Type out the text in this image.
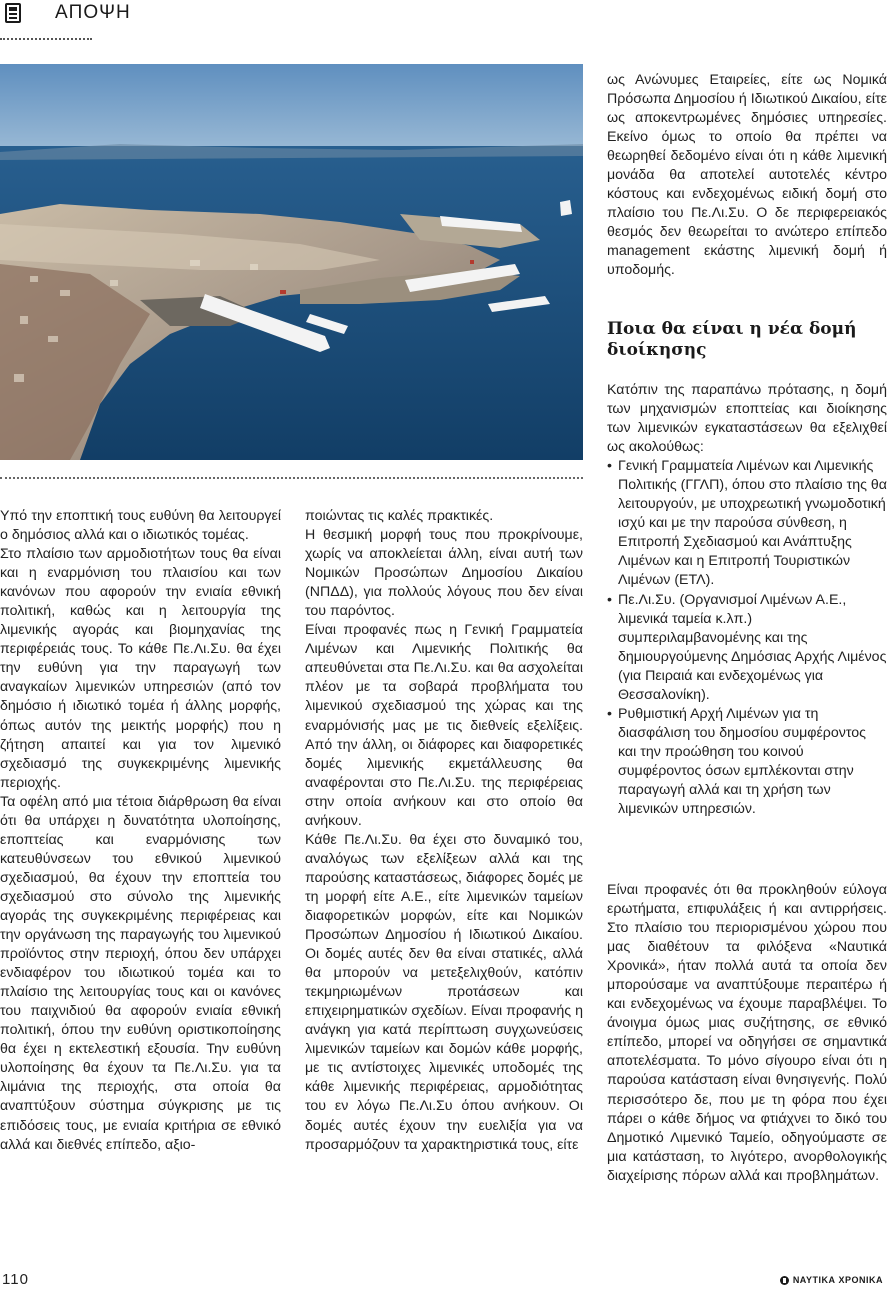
ΑΠΟΨΗ

Υπό την εποπτική τους ευθύνη θα λειτουργεί ο δημόσιος αλλά και ο ιδιωτικός τομέας.

Στο πλαίσιο των αρμοδιοτήτων τους θα είναι και η εναρμόνιση του πλαισίου και των κανόνων που αφορούν την ενιαία εθνική πολιτική, καθώς και η λειτουργία της λιμενικής αγοράς και βιομηχανίας της περιφέρειάς τους. Το κάθε Πε.Λι.Συ. θα έχει την ευθύνη για την παραγωγή των αναγκαίων λιμενικών υπηρεσιών (από τον δημόσιο ή ιδιωτικό τομέα ή άλλης μορφής, όπως αυτόν της μεικτής μορφής) που η ζήτηση απαιτεί και για τον λιμενικό σχεδιασμό της συγκεκριμένης λιμενικής περιοχής.

Τα οφέλη από μια τέτοια διάρθρωση θα είναι ότι θα υπάρχει η δυνατότητα υλοποίησης, εποπτείας και εναρμόνισης των κατευθύνσεων του εθνικού λιμενικού σχεδιασμού, θα έχουν την εποπτεία του σχεδιασμού στο σύνολο της λιμενικής αγοράς της συγκεκριμένης περιφέρειας και την οργάνωση της παραγωγής του λιμενικού προϊόντος στην περιοχή, όπου δεν υπάρχει ενδιαφέρον του ιδιωτικού τομέα και το πλαίσιο της λειτουργίας τους και οι κανόνες του παιχνιδιού θα αφορούν ενιαία εθνική πολιτική, όπου την ευθύνη οριστικοποίησης θα έχει η εκτελεστική εξουσία. Την ευθύνη υλοποίησης θα έχουν τα Πε.Λι.Συ. για τα λιμάνια της περιοχής, στα οποία θα αναπτύξουν σύστημα σύγκρισης με τις επιδόσεις τους, με ενιαία κριτήρια σε εθνικό αλλά και διεθνές επίπεδο, αξιο-

ποιώντας τις καλές πρακτικές.

Η θεσμική μορφή τους που προκρίνουμε, χωρίς να αποκλείεται άλλη, είναι αυτή των Νομικών Προσώπων Δημοσίου Δικαίου (ΝΠΔΔ), για πολλούς λόγους που δεν είναι του παρόντος.

Είναι προφανές πως η Γενική Γραμματεία Λιμένων και Λιμενικής Πολιτικής θα απευθύνεται στα Πε.Λι.Συ. και θα ασχολείται πλέον με τα σοβαρά προβλήματα του λιμενικού σχεδιασμού της χώρας και της εναρμόνισής μας με τις διεθνείς εξελίξεις. Από την άλλη, οι διάφορες και διαφορετικές δομές λιμενικής εκμετάλλευσης θα αναφέρονται στο Πε.Λι.Συ. της περιφέρειας στην οποία ανήκουν και στο οποίο θα ανήκουν.

Κάθε Πε.Λι.Συ. θα έχει στο δυναμικό του, αναλόγως των εξελίξεων αλλά και της παρούσης καταστάσεως, διάφορες δομές με τη μορφή είτε Α.Ε., είτε λιμενικών ταμείων διαφορετικών μορφών, είτε και Νομικών Προσώπων Δημοσίου ή Ιδιωτικού Δικαίου. Οι δομές αυτές δεν θα είναι στατικές, αλλά θα μπορούν να μετεξελιχθούν, κατόπιν τεκμηριωμένων προτάσεων και επιχειρηματικών σχεδίων. Είναι προφανής η ανάγκη για κατά περίπτωση συγχωνεύσεις λιμενικών ταμείων και δομών κάθε μορφής, με τις αντίστοιχες λιμενικές υποδομές της κάθε λιμενικής περιφέρειας, αρμοδιότητας του εν λόγω Πε.Λι.Συ όπου ανήκουν. Οι δομές αυτές έχουν την ευελιξία για να προσαρμόζουν τα χαρακτηριστικά τους, είτε

ως Ανώνυμες Εταιρείες, είτε ως Νομικά Πρόσωπα Δημοσίου ή Ιδιωτικού Δικαίου, είτε ως αποκεντρωμένες δημόσιες υπηρεσίες. Εκείνο όμως το οποίο θα πρέπει να θεωρηθεί δεδομένο είναι ότι η κάθε λιμενική μονάδα θα αποτελεί αυτοτελές κέντρο κόστους και ενδεχομένως ειδική δομή στο πλαίσιο του Πε.Λι.Συ. Ο δε περιφερειακός θεσμός δεν θεωρείται το ανώτερο επίπεδο management εκάστης λιμενική δομή ή υποδομής.

Ποια θα είναι η νέα δομή διοίκησης

Κατόπιν της παραπάνω πρότασης, η δομή των μηχανισμών εποπτείας και διοίκησης των λιμενικών εγκαταστάσεων θα εξελιχθεί ως ακολούθως:

• Γενική Γραμματεία Λιμένων και Λιμενικής Πολιτικής (ΓΓΛΠ), όπου στο πλαίσιο της θα λειτουργούν, με υποχρεωτική γνωμοδοτική ισχύ και με την παρούσα σύνθεση, η Επιτροπή Σχεδιασμού και Ανάπτυξης Λιμένων και η Επιτροπή Τουριστικών Λιμένων (ΕΤΛ).
• Πε.Λι.Συ. (Οργανισμοί Λιμένων Α.Ε., λιμενικά ταμεία κ.λπ.) συμπεριλαμβανομένης και της δημιουργούμενης Δημόσιας Αρχής Λιμένος (για Πειραιά και ενδεχομένως για Θεσσαλονίκη).
• Ρυθμιστική Αρχή Λιμένων για τη διασφάλιση του δημοσίου συμφέροντος και την προώθηση του κοινού συμφέροντος όσων εμπλέκονται στην παραγωγή αλλά και τη χρήση των λιμενικών υπηρεσιών.

Είναι προφανές ότι θα προκληθούν εύλογα ερωτήματα, επιφυλάξεις ή και αντιρρήσεις. Στο πλαίσιο του περιορισμένου χώρου που μας διαθέτουν τα φιλόξενα «Ναυτικά Χρονικά», ήταν πολλά αυτά τα οποία δεν μπορούσαμε να αναπτύξουμε περαιτέρω ή και ενδεχομένως να έχουμε παραβλέψει. Το άνοιγμα όμως μιας συζήτησης, σε εθνικό επίπεδο, μπορεί να οδηγήσει σε σημαντικά αποτελέσματα. Το μόνο σίγουρο είναι ότι η παρούσα κατάσταση είναι θνησιγενής. Πολύ περισσότερο δε, που με τη φόρα που έχει πάρει ο κάθε δήμος να φτιάχνει το δικό του Δημοτικό Λιμενικό Ταμείο, οδηγούμαστε σε μια κατάσταση, το λιγότερο, ανορθολογικής διαχείρισης πόρων αλλά και προβλημάτων.

110	ΝΑΥΤΙΚΑ ΧΡΟΝΙΚΑ
